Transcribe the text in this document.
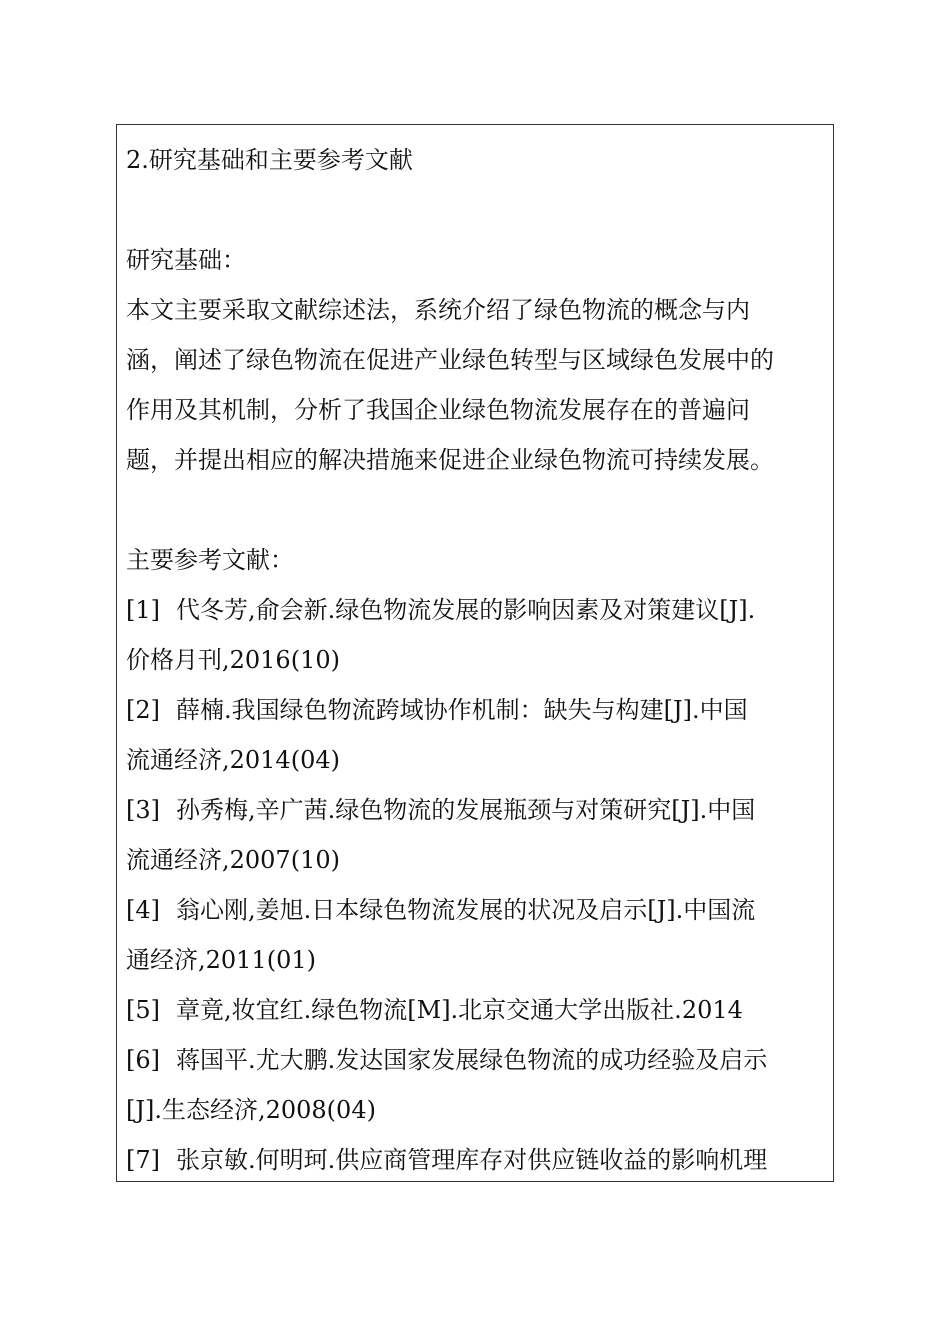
2.研究基础和主要参考文献
研究基础：
本文主要采取文献综述法，系统介绍了绿色物流的概念与内
涵，阐述了绿色物流在促进产业绿色转型与区域绿色发展中的
作用及其机制，分析了我国企业绿色物流发展存在的普遍问
题，并提出相应的解决措施来促进企业绿色物流可持续发展。
主要参考文献：
[1] 代冬芳,俞会新.绿色物流发展的影响因素及对策建议[J].
价格月刊,2016(10)
[2] 薛楠.我国绿色物流跨域协作机制：缺失与构建[J].中国
流通经济,2014(04)
[3] 孙秀梅,辛广茜.绿色物流的发展瓶颈与对策研究[J].中国
流通经济,2007(10)
[4] 翁心刚,姜旭.日本绿色物流发展的状况及启示[J].中国流
通经济,2011(01)
[5] 章竟,妆宜红.绿色物流[M].北京交通大学出版社.2014
[6] 蒋国平.尤大鹏.发达国家发展绿色物流的成功经验及启示
[J].生态经济,2008(04)
[7] 张京敏.何明珂.供应商管理库存对供应链收益的影响机理
